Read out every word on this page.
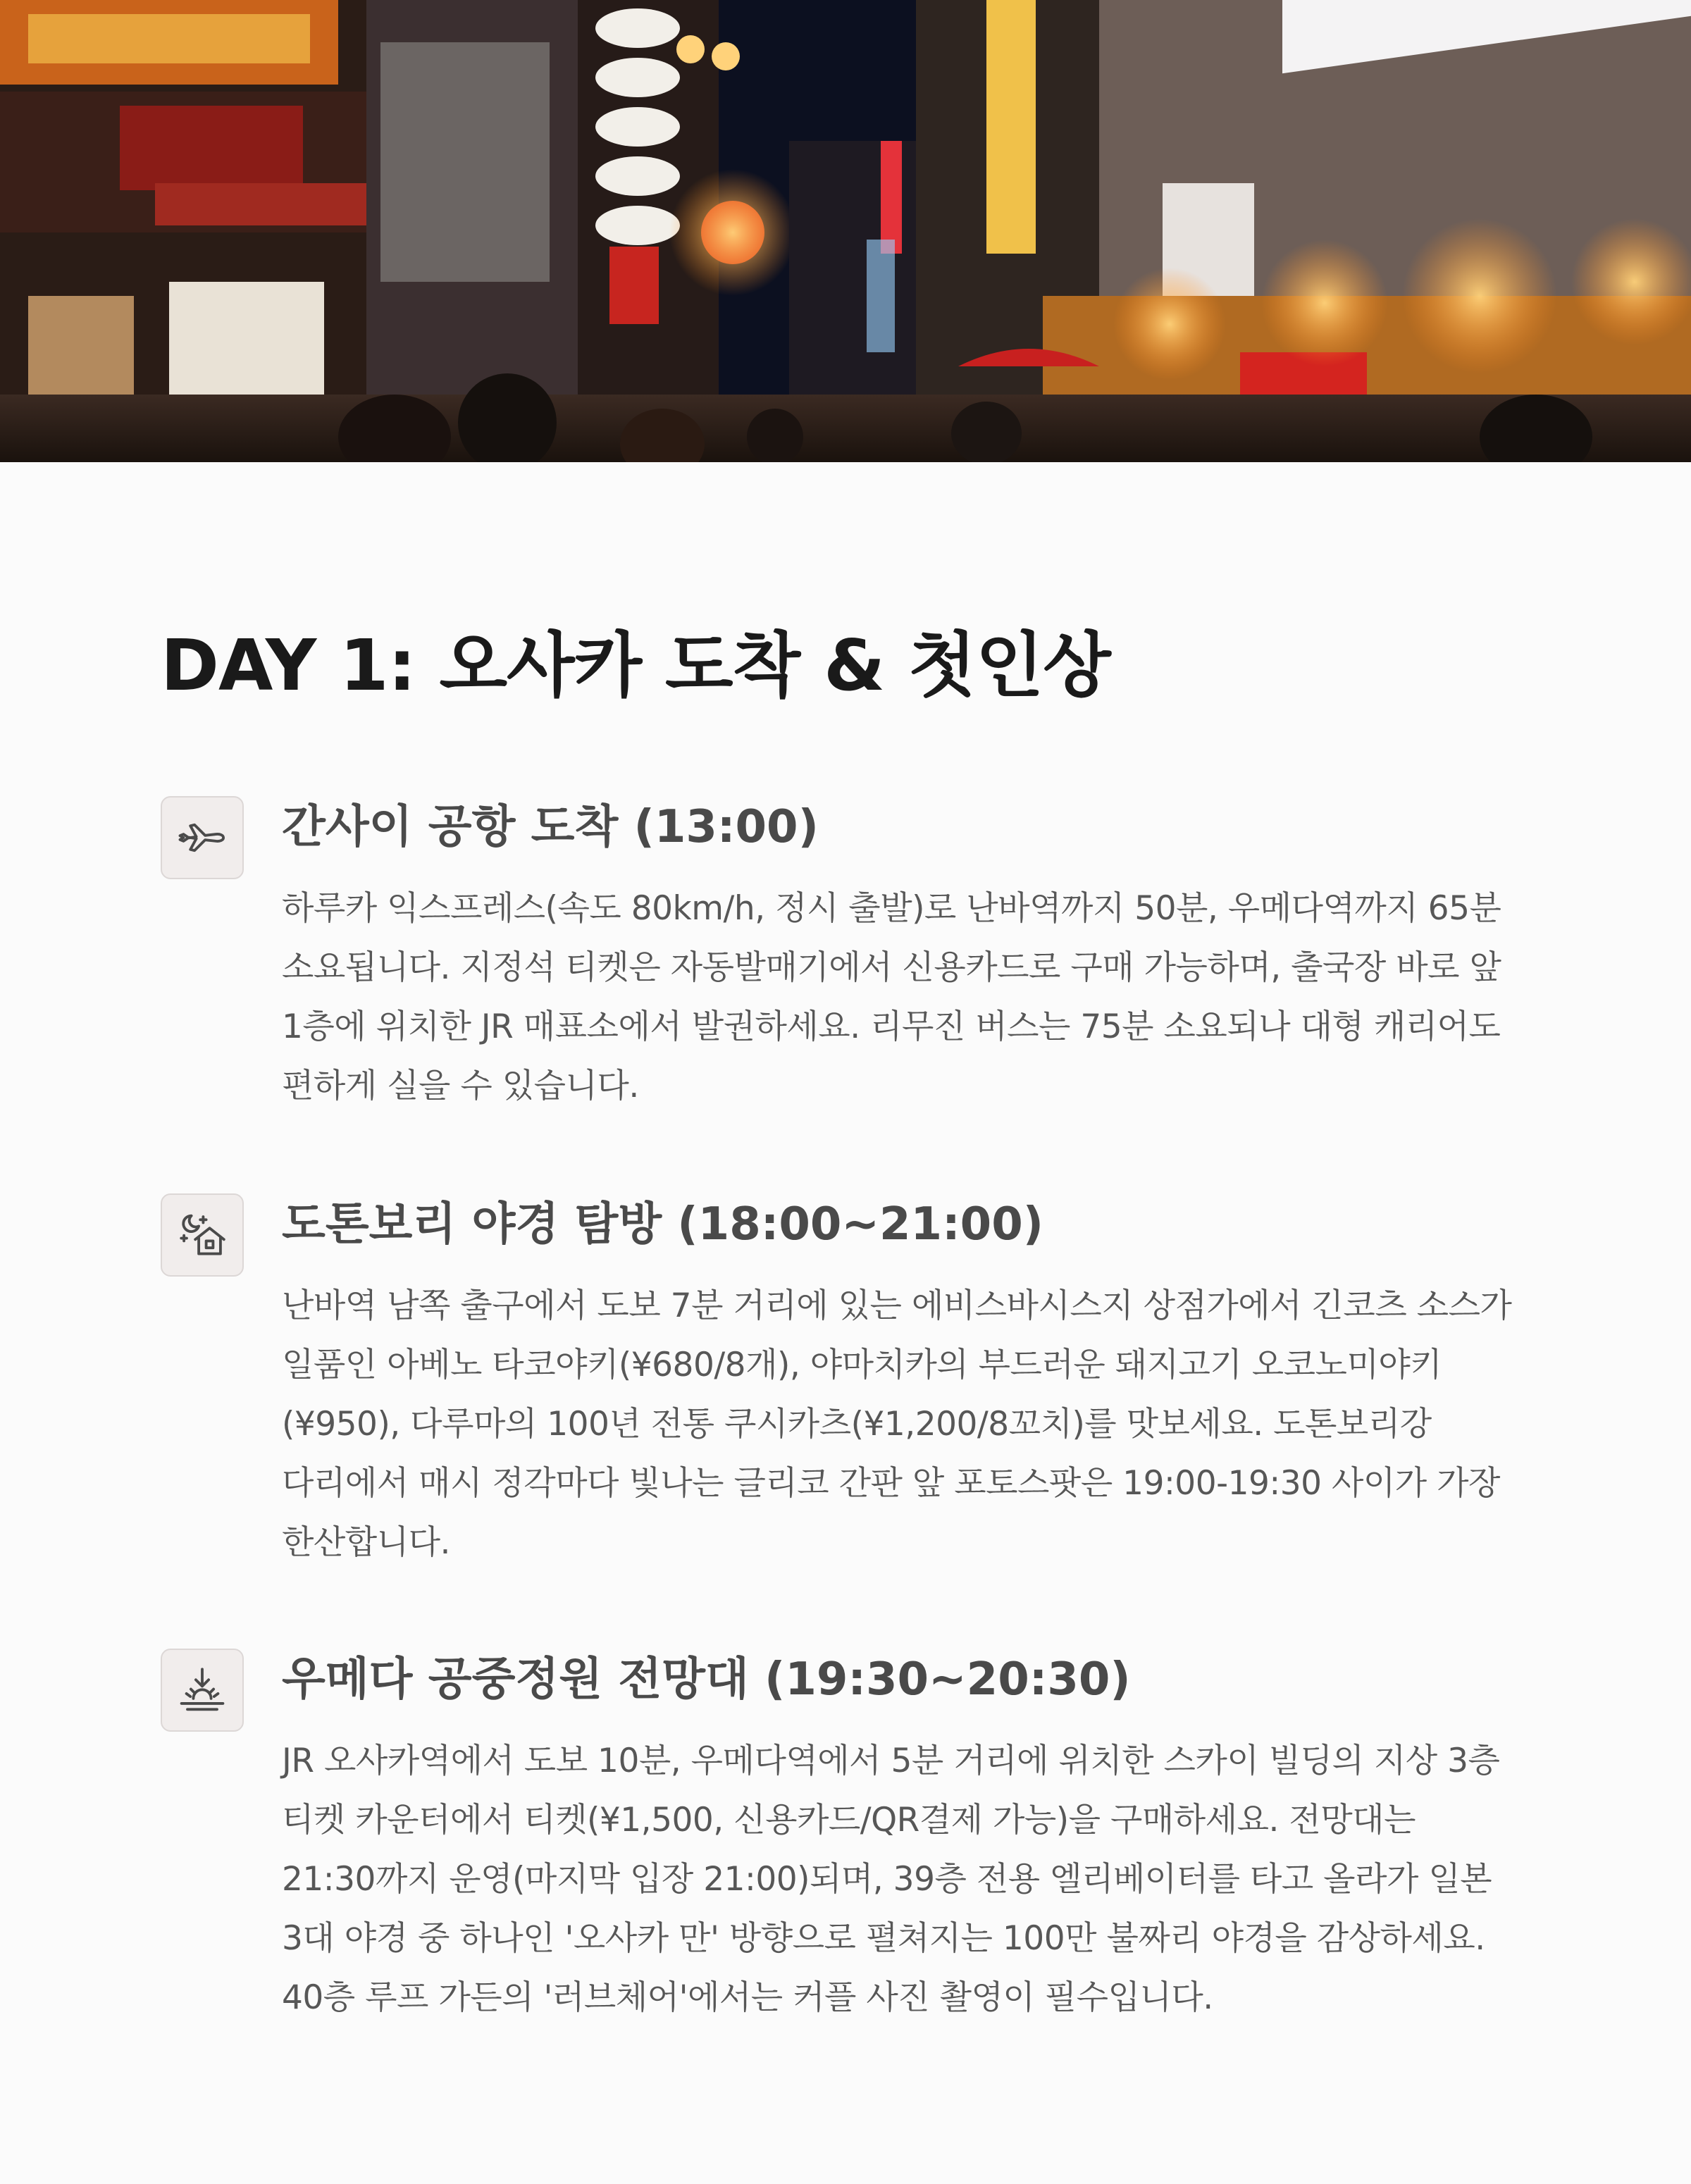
DAY 1: 오사카 도착 & 첫인상
간사이 공항 도착 (13:00)

하루카 익스프레스(속도 80km/h, 정시 출발)로 난바역까지 50분, 우메다역까지 65분 소요됩니다. 지정석 티켓은 자동발매기에서 신용카드로 구매 가능하며, 출국장 바로 앞 1층에 위치한 JR 매표소에서 발권하세요. 리무진 버스는 75분 소요되나 대형 캐리어도 편하게 실을 수 있습니다.

도톤보리 야경 탐방 (18:00~21:00)

난바역 남쪽 출구에서 도보 7분 거리에 있는 에비스바시스지 상점가에서 긴코츠 소스가 일품인 아베노 타코야키(¥680/8개), 야마치카의 부드러운 돼지고기 오코노미야키(¥950), 다루마의 100년 전통 쿠시카츠(¥1,200/8꼬치)를 맛보세요. 도톤보리강 다리에서 매시 정각마다 빛나는 글리코 간판 앞 포토스팟은 19:00-19:30 사이가 가장 한산합니다.

우메다 공중정원 전망대 (19:30~20:30)

JR 오사카역에서 도보 10분, 우메다역에서 5분 거리에 위치한 스카이 빌딩의 지상 3층 티켓 카운터에서 티켓(¥1,500, 신용카드/QR결제 가능)을 구매하세요. 전망대는 21:30까지 운영(마지막 입장 21:00)되며, 39층 전용 엘리베이터를 타고 올라가 일본 3대 야경 중 하나인 '오사카 만' 방향으로 펼쳐지는 100만 불짜리 야경을 감상하세요. 40층 루프 가든의 '러브체어'에서는 커플 사진 촬영이 필수입니다.
